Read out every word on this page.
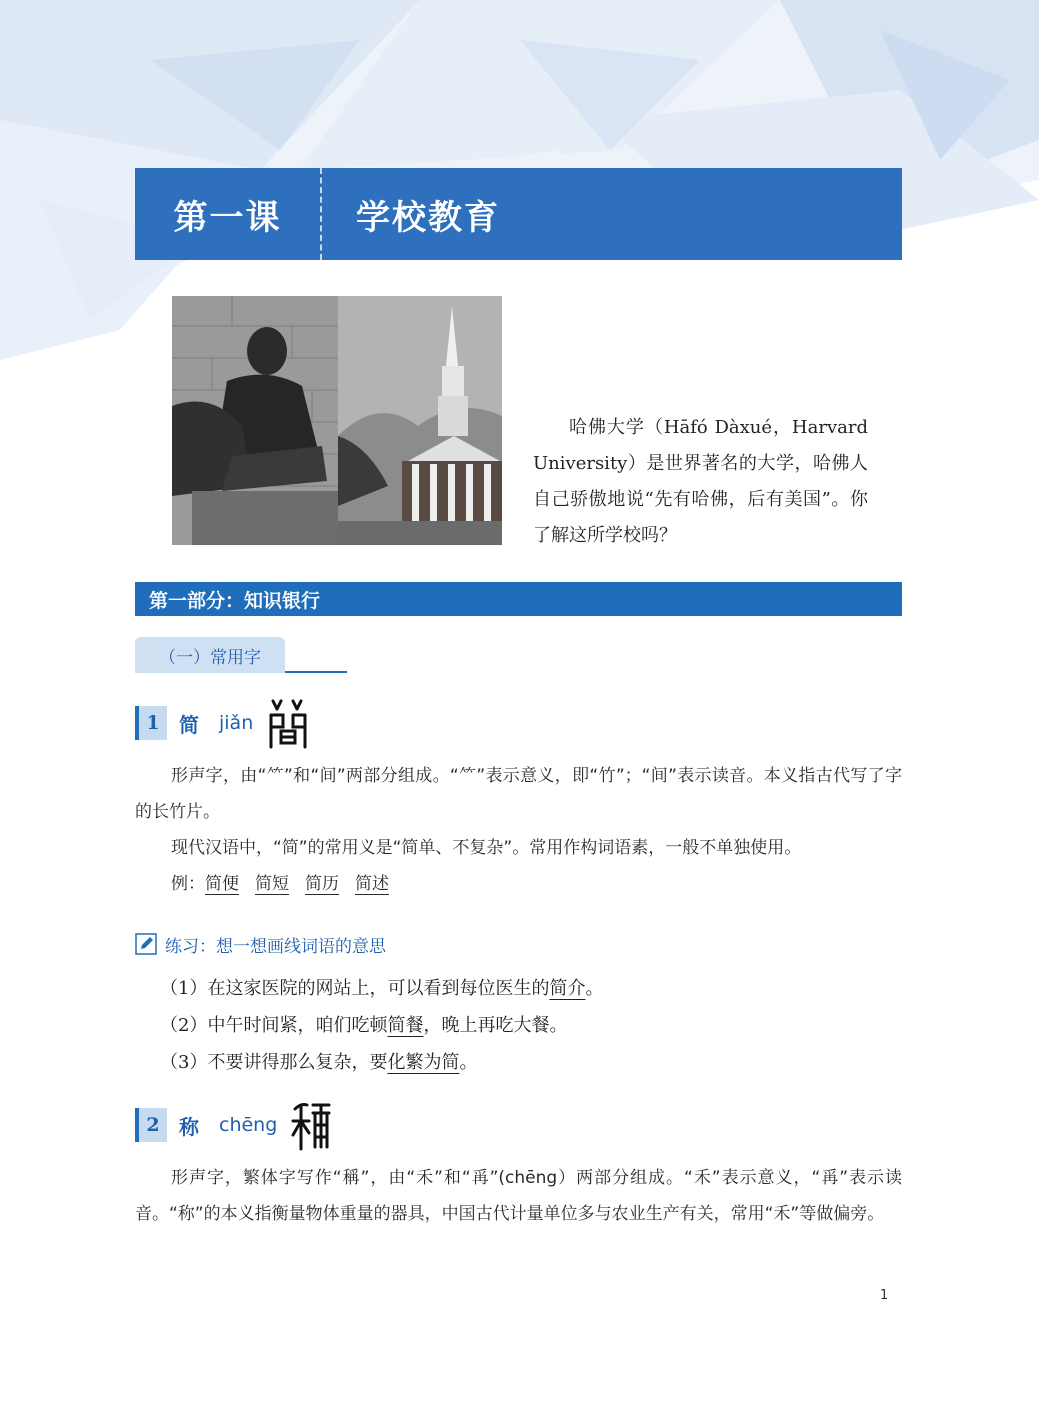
第一课	学校教育

哈佛大学（Hāfó Dàxué，Harvard University）是世界著名的大学，哈佛人自己骄傲地说“先有哈佛，后有美国”。你了解这所学校吗？

第一部分：知识银行
（一）常用字
1 简 jiǎn

形声字，由“⺮”和“间”两部分组成。“⺮”表示意义，即“竹”；“间”表示读音。本义指古代写了字的长竹片。

现代汉语中，“简”的常用义是“简单、不复杂”。常用作构词语素，一般不单独使用。

例：简便 简短 简历 简述

练习：想一想画线词语的意思
（1）在这家医院的网站上，可以看到每位医生的简介。
（2）中午时间紧，咱们吃顿简餐，晚上再吃大餐。
（3）不要讲得那么复杂，要化繁为简。
2 称 chēng

形声字，繁体字写作“稱”，由“禾”和“爯”(chēng）两部分组成。“禾”表示意义，“爯”表示读音。“称”的本义指衡量物体重量的器具，中国古代计量单位多与农业生产有关，常用“禾”等做偏旁。

1
